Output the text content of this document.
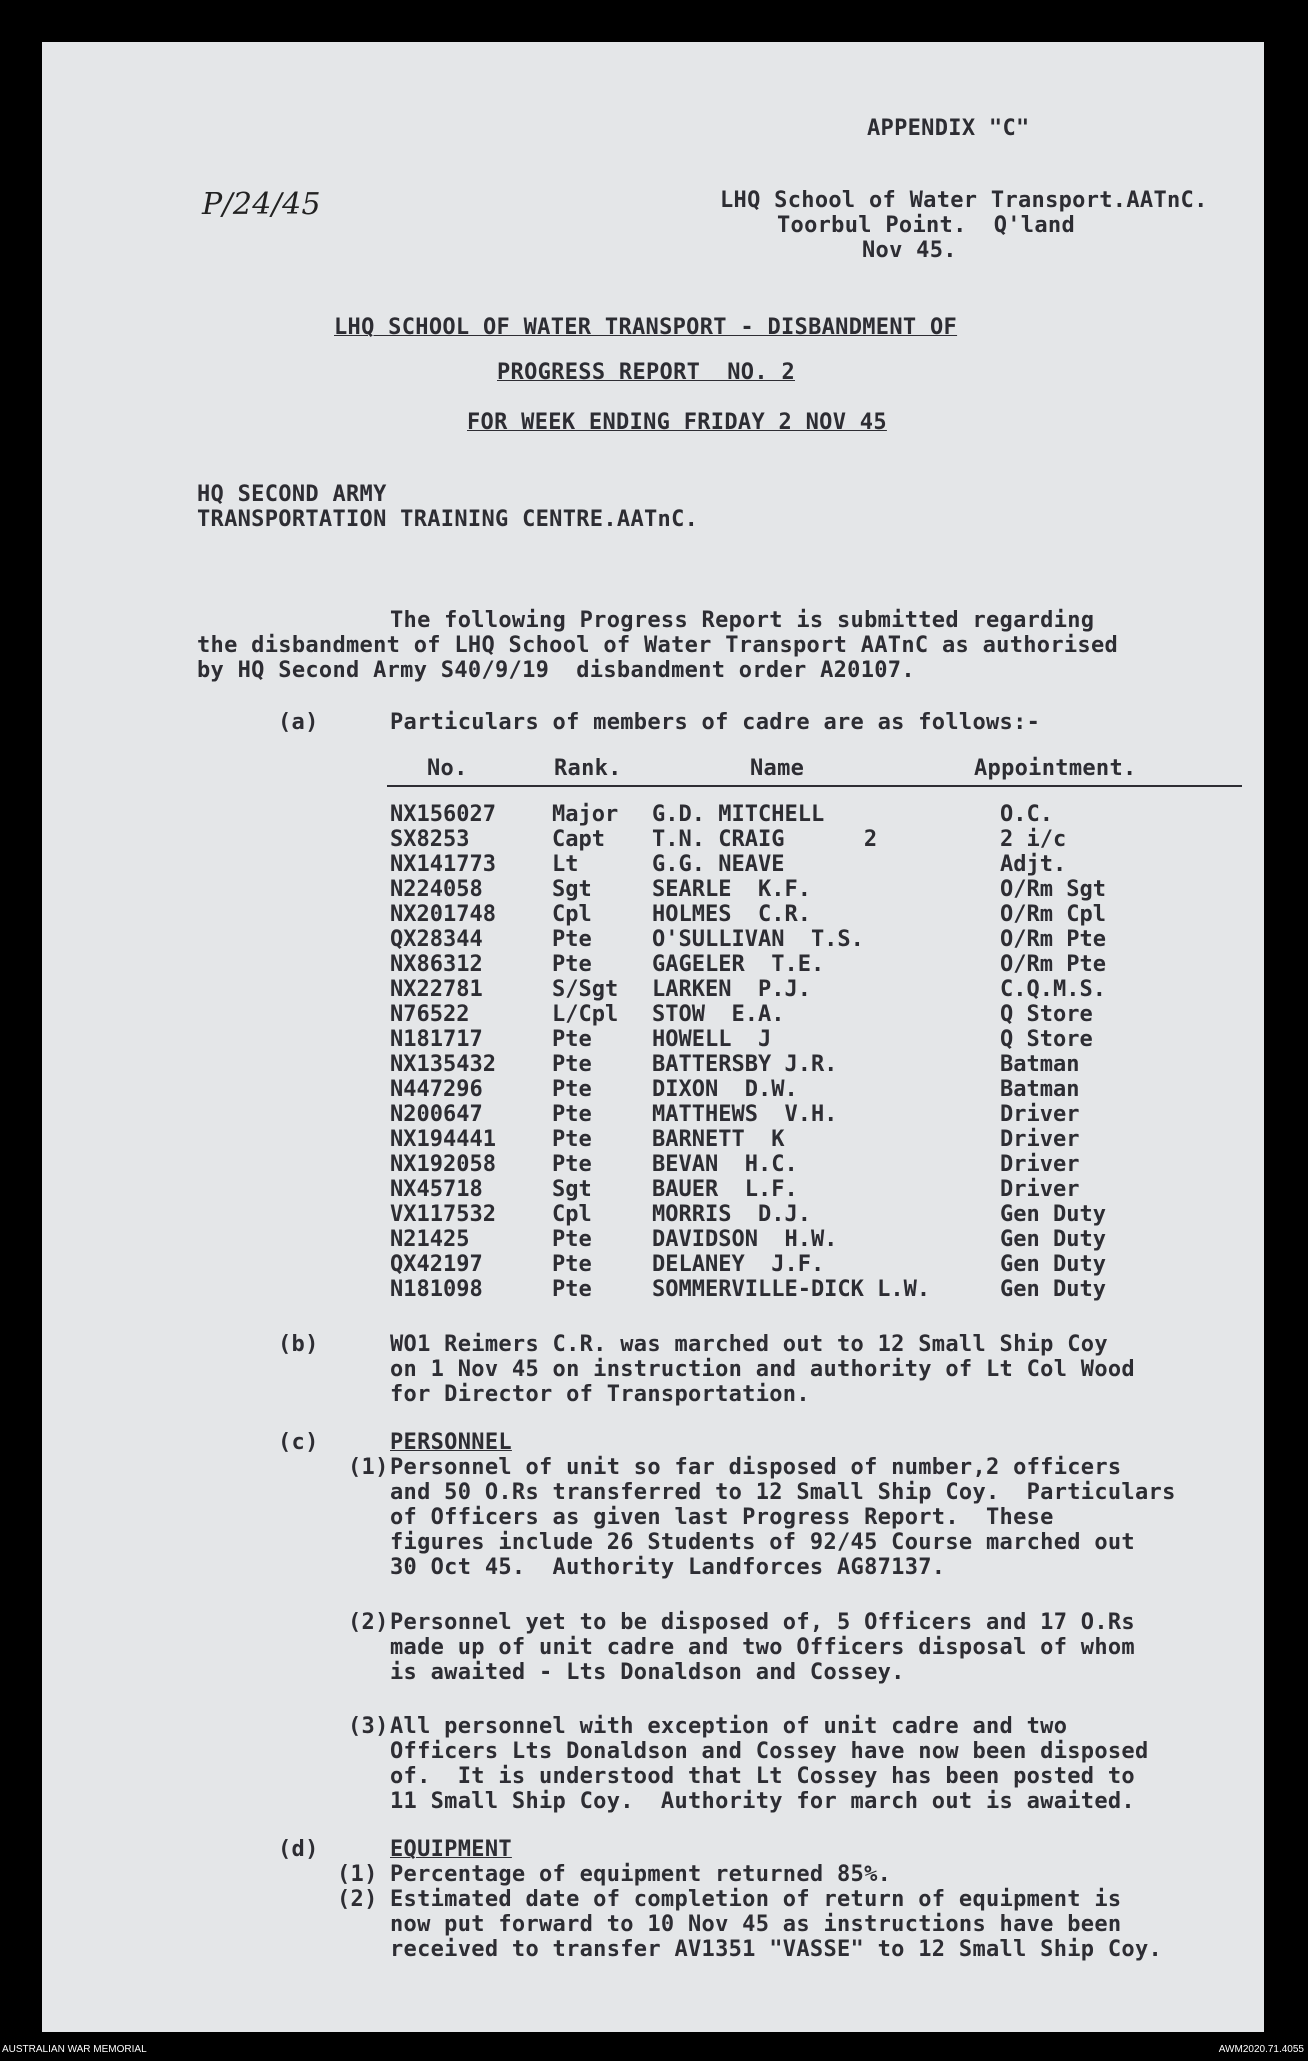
APPENDIX "C"
P/24/45	LHQ School of Water Transport.AATnC.
Toorbul Point.  Q'land
Nov 45.
LHQ SCHOOL OF WATER TRANSPORT - DISBANDMENT OF
PROGRESS REPORT  NO. 2
FOR WEEK ENDING FRIDAY 2 NOV 45
HQ SECOND ARMY
TRANSPORTATION TRAINING CENTRE.AATnC.
The following Progress Report is submitted regarding
the disbandment of LHQ School of Water Transport AATnC as authorised
by HQ Second Army S40/9/19  disbandment order A20107.
(a)	Particulars of members of cadre are as follows:-
No.	Rank.	Name	Appointment.
NX156027	Major	G.D. MITCHELL	O.C.
SX8253	Capt	T.N. CRAIG      2	2 i/c
NX141773	Lt	G.G. NEAVE	Adjt.
N224058	Sgt	SEARLE  K.F.	O/Rm Sgt
NX201748	Cpl	HOLMES  C.R.	O/Rm Cpl
QX28344	Pte	O'SULLIVAN  T.S.	O/Rm Pte
NX86312	Pte	GAGELER  T.E.	O/Rm Pte
NX22781	S/Sgt	LARKEN  P.J.	C.Q.M.S.
N76522	L/Cpl	STOW  E.A.	Q Store
N181717	Pte	HOWELL  J	Q Store
NX135432	Pte	BATTERSBY J.R.	Batman
N447296	Pte	DIXON  D.W.	Batman
N200647	Pte	MATTHEWS  V.H.	Driver
NX194441	Pte	BARNETT  K	Driver
NX192058	Pte	BEVAN  H.C.	Driver
NX45718	Sgt	BAUER  L.F.	Driver
VX117532	Cpl	MORRIS  D.J.	Gen Duty
N21425	Pte	DAVIDSON  H.W.	Gen Duty
QX42197	Pte	DELANEY  J.F.	Gen Duty
N181098	Pte	SOMMERVILLE-DICK L.W.	Gen Duty
(b)	WO1 Reimers C.R. was marched out to 12 Small Ship Coy
on 1 Nov 45 on instruction and authority of Lt Col Wood
for Director of Transportation.
(c)	PERSONNEL
(1) Personnel of unit so far disposed of number,2 officers
and 50 O.Rs transferred to 12 Small Ship Coy.  Particulars
of Officers as given last Progress Report.  These
figures include 26 Students of 92/45 Course marched out
30 Oct 45.  Authority Landforces AG87137.
(2) Personnel yet to be disposed of, 5 Officers and 17 O.Rs
made up of unit cadre and two Officers disposal of whom
is awaited - Lts Donaldson and Cossey.
(3) All personnel with exception of unit cadre and two
Officers Lts Donaldson and Cossey have now been disposed
of.  It is understood that Lt Cossey has been posted to
11 Small Ship Coy.  Authority for march out is awaited.
(d)	EQUIPMENT
(1) Percentage of equipment returned 85%.
(2) Estimated date of completion of return of equipment is
now put forward to 10 Nov 45 as instructions have been
received to transfer AV1351 "VASSE" to 12 Small Ship Coy.
AUSTRALIAN WAR MEMORIAL	AWM2020.71.4055
